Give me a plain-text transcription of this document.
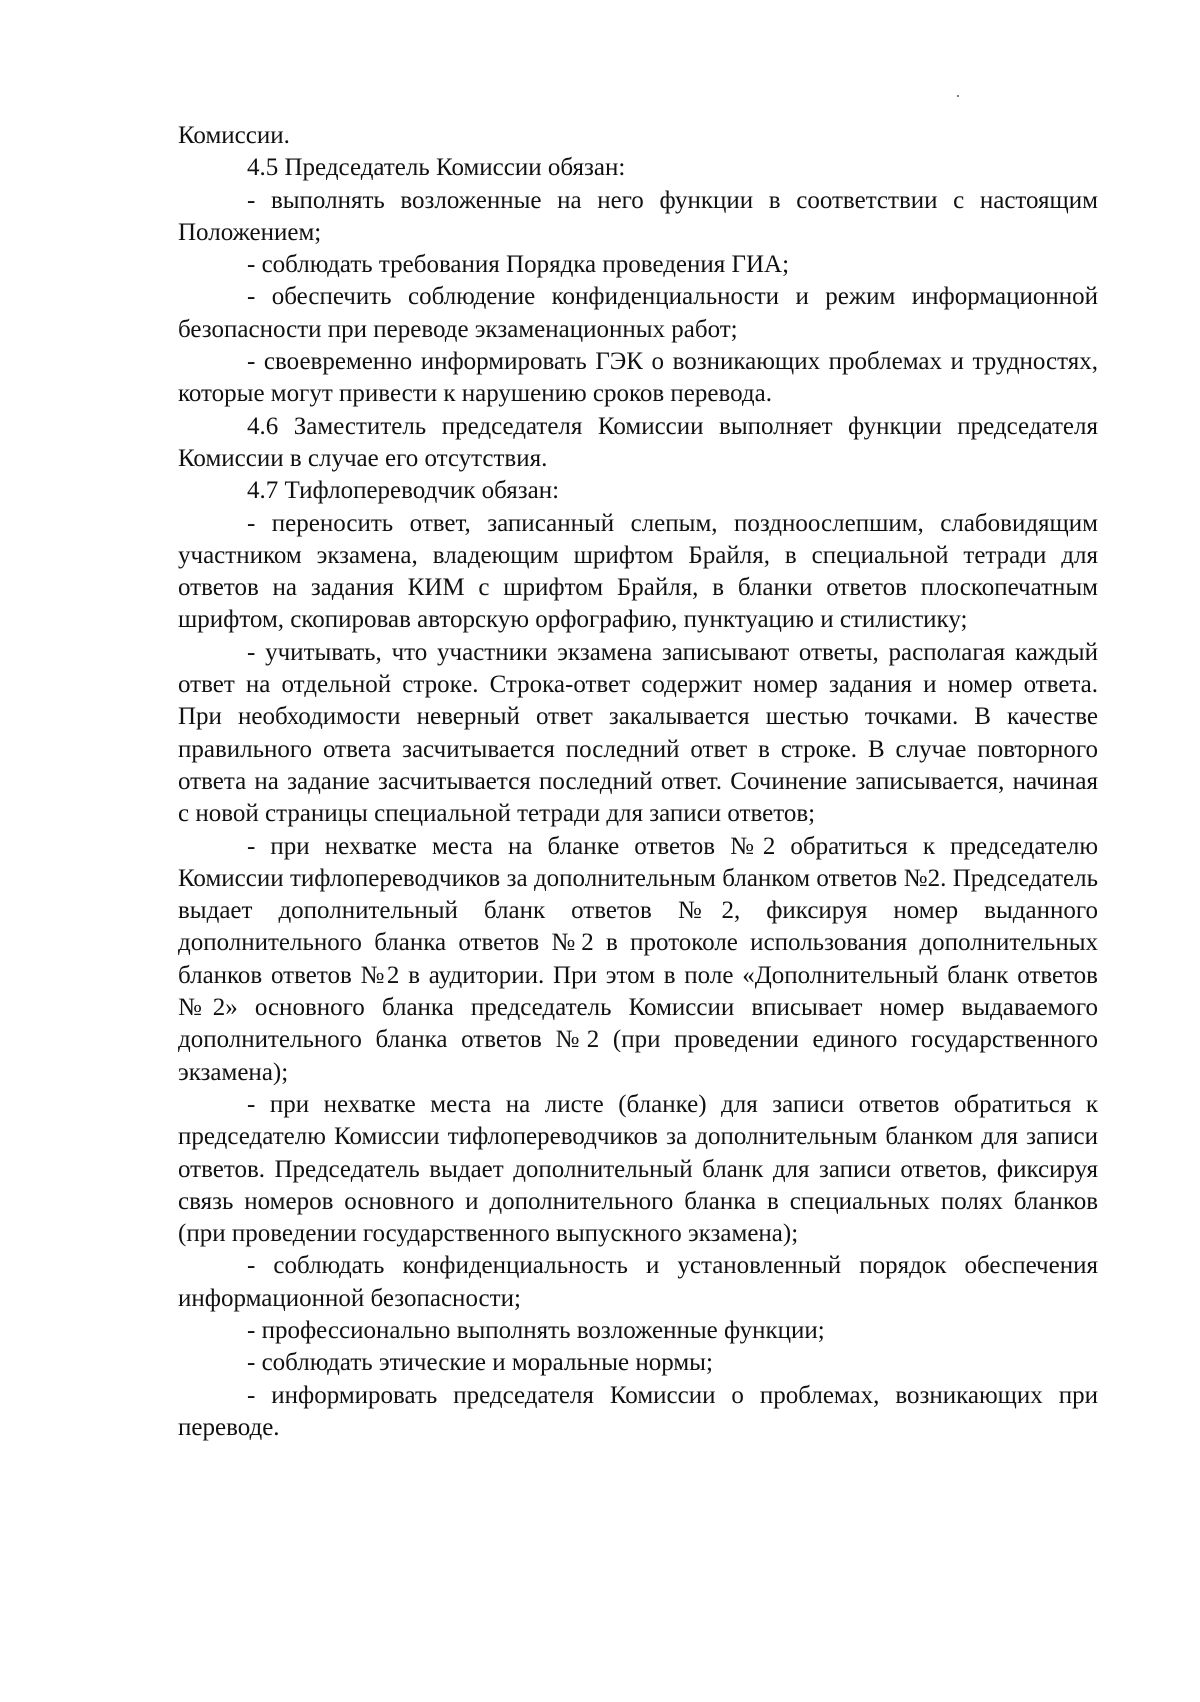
Комиссии.

4.5 Председатель Комиссии обязан:

- выполнять возложенные на него функции в соответствии с настоящим Положением;

- соблюдать требования Порядка проведения ГИА;

- обеспечить соблюдение конфиденциальности и режим информационной безопасности при переводе экзаменационных работ;

- своевременно информировать ГЭК о возникающих проблемах и трудностях, которые могут привести к нарушению сроков перевода.

4.6 Заместитель председателя Комиссии выполняет функции председателя Комиссии в случае его отсутствия.

4.7 Тифлопереводчик обязан:

- переносить ответ, записанный слепым, поздноослепшим, слабовидящим участником экзамена, владеющим шрифтом Брайля, в специальной тетради для ответов на задания КИМ с шрифтом Брайля, в бланки ответов плоскопечатным шрифтом, скопировав авторскую орфографию, пунктуацию и стилистику;

- учитывать, что участники экзамена записывают ответы, располагая каждый ответ на отдельной строке. Строка-ответ содержит номер задания и номер ответа. При необходимости неверный ответ закалывается шестью точками. В качестве правильного ответа засчитывается последний ответ в строке. В случае повторного ответа на задание засчитывается последний ответ. Сочинение записывается, начиная с новой страницы специальной тетради для записи ответов;

- при нехватке места на бланке ответов №2 обратиться к председателю Комиссии тифлопереводчиков за дополнительным бланком ответов №2. Председатель выдает дополнительный бланк ответов №2, фиксируя номер выданного дополнительного бланка ответов №2 в протоколе использования дополнительных бланков ответов №2 в аудитории. При этом в поле «Дополнительный бланк ответов №2» основного бланка председатель Комиссии вписывает номер выдаваемого дополнительного бланка ответов №2 (при проведении единого государственного экзамена);

- при нехватке места на листе (бланке) для записи ответов обратиться к председателю Комиссии тифлопереводчиков за дополнительным бланком для записи ответов. Председатель выдает дополнительный бланк для записи ответов, фиксируя связь номеров основного и дополнительного бланка в специальных полях бланков (при проведении государственного выпускного экзамена);

- соблюдать конфиденциальность и установленный порядок обеспечения информационной безопасности;

- профессионально выполнять возложенные функции;

- соблюдать этические и моральные нормы;

- информировать председателя Комиссии о проблемах, возникающих при переводе.
